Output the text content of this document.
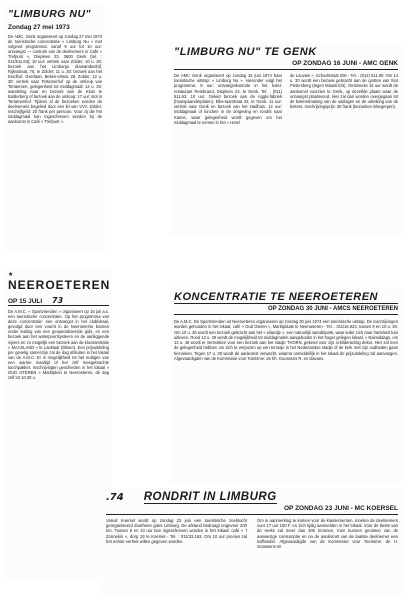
"LIMBURG NU"

Zondag 27 mei 1973

De AMC. Genk organiseert op zondag 27 mei 1973 de toeristische concentratie « Limburg Nu » met volgend programma: vanaf 9 uur tot 10 uur: ontvangst — controle van de deelnemers in Café « Trefpunt », Diepleen 23, 3600 Genk (tel. : 011/511.63); 10 uur: vertrek naar Zolder; 10 u. 30: bezoek aan het Limburgs diamantbedrijf, Rijksstraat, 75, te Zolder; 11 u. 30: bezoek aan het Kerdhof, Overlaan, Beken-straat, 28, Zolder; 12 u. 30: vertrek naar Tertamerhof op de omloop van Tertaemen, gelegenheid tot middagmaal; 14 u. 30: wandeling naar en bezoek aan de Kluis te Bolderberg of bezoek aan de omloop; 17 uur: slot in Tertamenhof. Tijdens al de bezoeken worden de deelnemers begeleid door een lid van VVV. Zolder. Inschrijfgeld: 20 frank per persoon. Voor zij die het middagmaal kan ingeschreven worden bij de aankomst in Café « Trefpunt ».

"LIMBURG NU" TE GENK

OP ZONDAG 16 JUNI - AMC GENK

De AMC Genk organiseert op zondag 16 juni 1974 haar toeristische uitstap: « Limburg Nu ». Hieronder volgt het programma: 9 uur: ontvangstkontrole in het hotel-restaurant Rembrand, Diepleen 23, te Genk. Tel. : (011) 511.63. 10 uur: Geleid bezoek aan de Agglo-fabriek (houtspaanderplaten), Elke-laarstraat 33, te Genk. 11 uur: vertrek naar Genk en bezoek van het stadhuis. 12 uur: middagmaal of lunchen in de omgeving en rondrit naar Kanne, waar gelegenheid wordt gegeven om het middagmaal te nemen in het « Hotel

de Louvain », Schoolstraat 206 - Tel. : (012) 511.00. Om 14 u. 30 wordt een bezoek gebracht aan de grotten van Sint Pietersberg (tegen Maastricht). Omstreeks 16 uur wordt de aankomst voorzien te Genk, op dezelfde plaats waar de ontvangst plaatsvond. Hier zal dan worden overgegaan tot de bekendmaking van de uitslagen en de uitreiking van de bekers. Inschrijvingsprijs: 30 frank (bezoeken inbegrepen).

★

NEEROETEREN

OP 15 JULI 73

De A.M.C. « Sportvrienden » organiseert op 15 juli a.s. een toeristische concentratie. Op het programma van deze concentratie: een ontvangst in het clublokaal, gevolgd door een voorrit in de Neeroeterse bossen onder leiding van een gespecialiseerde gids, en een bezoek aan het waterpoortsysteem en de aanliggende vijvers en zo mogelijk een bezoek aan de kloosterstatie « MAASLAND » te Lanklaar (Dilsen). Een prijsuitdeling per geselig samenzijn zal de dag afsluiten in het lokaal van de A.M.C. Er is mogelijkheid tot het nuttigen van een warme maaltijd of het zelf meegebrachte lunchpakket. Inschrijvingen geschieden in het lokaal « OUD OTEREN » Marktplein te Neeroeteren, de dag zelf tot 10.30 u.

KONCENTRATIE TE NEEROETEREN

OP ZONDAG 30 JUNI - AMCS NEEROETEREN

De A.M.C. De Sportvrienden uit Neeroeteren organiseren op zondag 30 juni 1974 een toeristische uitstap. De inschrijvingen worden gehouden in het lokaal, café « Oud Oteren », Marktplaats te Neeroeteren - Tel. : 011/16.023, tussen 9 en 10 u. 30. Om 10 u. 30 wordt een bezoek gebracht aan het « eilandje », een natuurlijk wandelpark, waar ieder zich naar harteluist kan uitleven. Rond 12 u. 30 wordt de mogelijkheid tot middagmalen aangeboden in het hoger gelegen lokaal. « Naimiddags, om 13 u. 45 wordt er vertrokken voor een bezoek aan het stadje THORN, gekend voor zijn schilderachtig dekor. Hier zal men de gelegenheid hebben om zich te verpozen op een terrasje in het Nederlandse stadje of de kerk met zijn oudheden gaan bezoeken. Tegen 17 u. 30 wordt de aankomst verwacht, waarna onmiddellijk in het lokaal de prijsuitdeling zal aanvangen. Afgevaardigden van de Kommissie voor Toerisme: de hh. Goossens R. en Davans.

.74 RONDRIT IN LIMBURG

OP ZONDAG 23 JUNI - MC KOERSEL

Vanuit Koersel wordt op zondag 23 juni een toeristische zoektocht georganiseerd doorheen gans Limburg. De afstand bedraagt ongeveer 200 km. Tussen 8 en 10 uur kan ingeschreven worden in het lokaal: café « 't Zonnekin », dorp 19 te Koersel - Tel. : 011/33.163. Om 10 uur precies zal het eerste vertrek willen gegeven worden.

Om in aanmerking te komen voor de klassementen, moeten de deelnemers voor 17 uur 150 F. en zich tijdig aanmelden in het lokaal. Voor de beste van de reeks zal meer dan 300 kroonen, men kunnen genieten van de aanwezige consumptie en na de aankomst van de laatste deelnemer een koffietafel. Afgevaardigde van de Kommissie voor Toerisme: de H. Goossens W.
